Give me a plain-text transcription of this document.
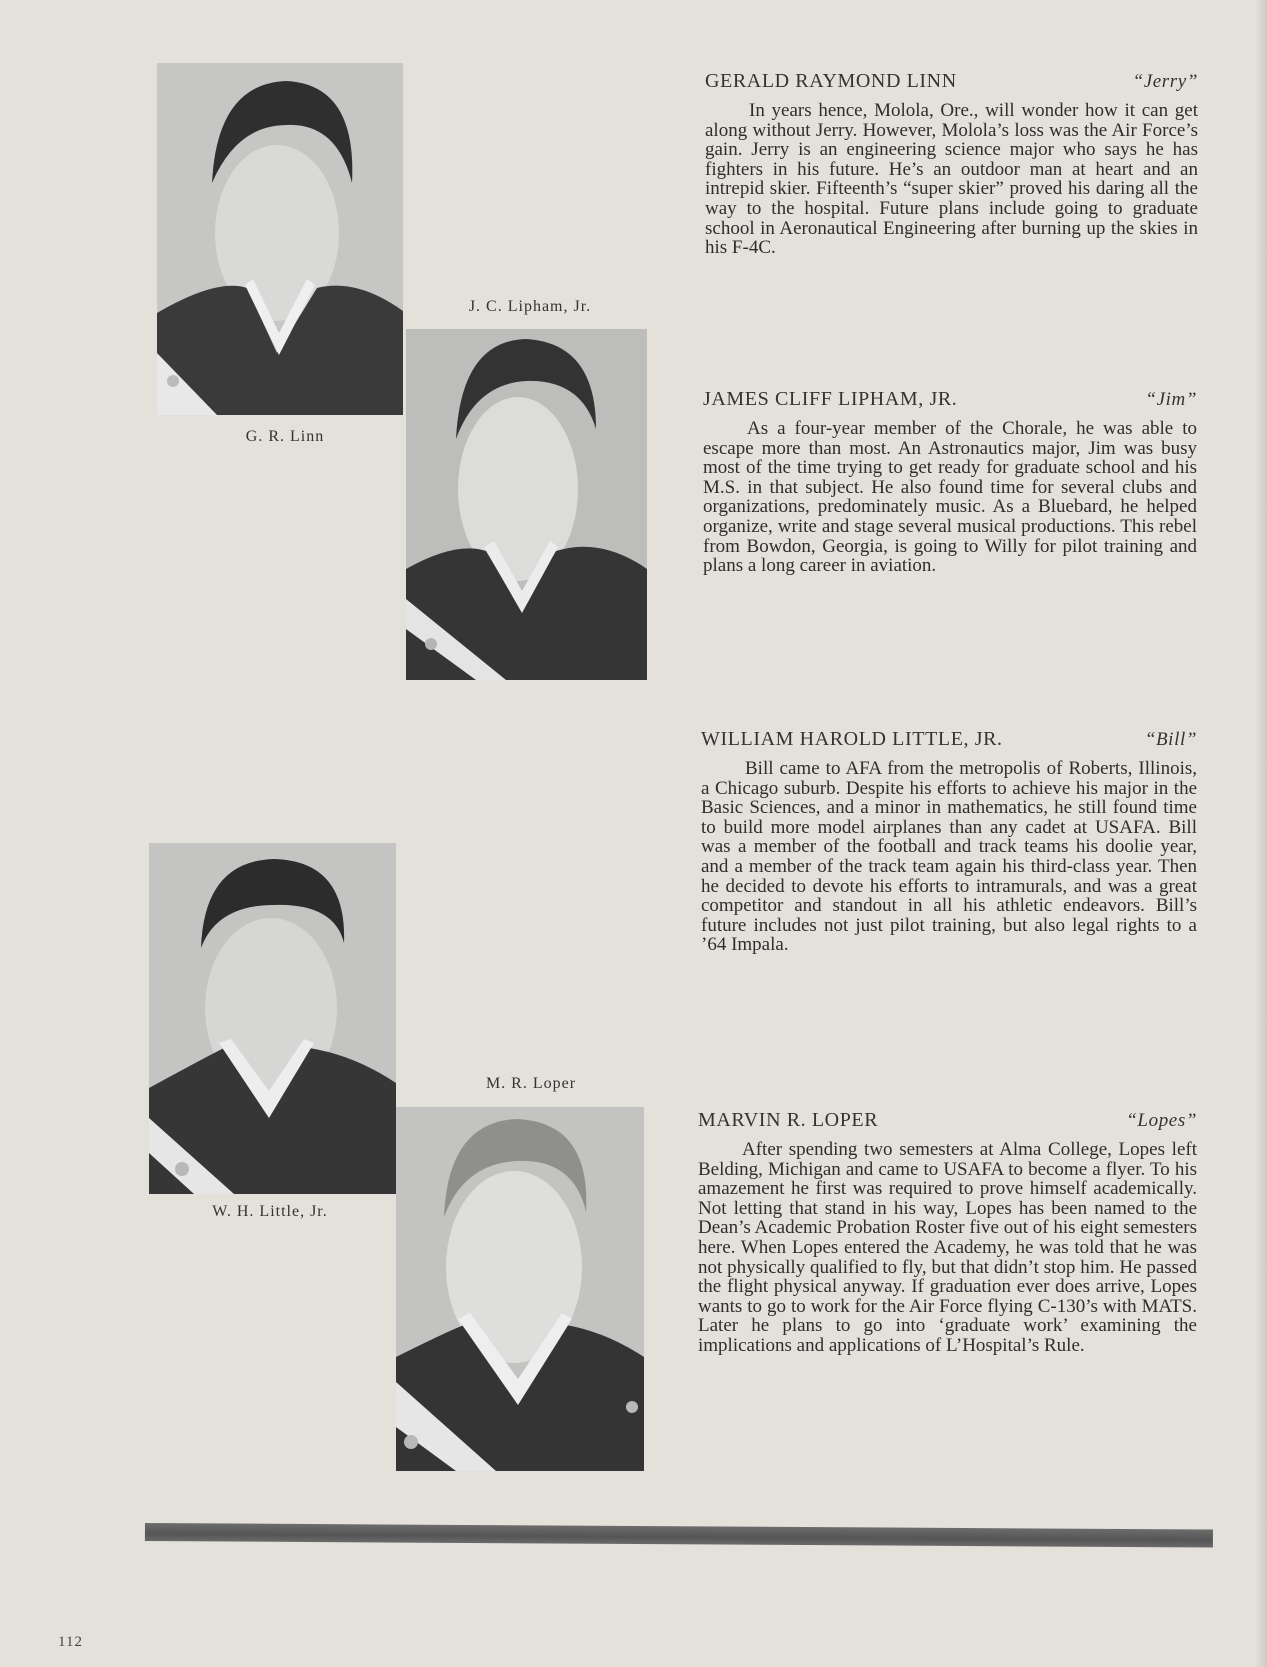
G. R. Linn
J. C. Lipham, Jr.
W. H. Little, Jr.
M. R. Loper
GERALD RAYMOND LINN	“Jerry”

In years hence, Molola, Ore., will wonder how it can get along without Jerry. However, Molola’s loss was the Air Force’s gain. Jerry is an engineering science major who says he has fighters in his future. He’s an outdoor man at heart and an intrepid skier. Fifteenth’s “super skier” proved his daring all the way to the hospital. Future plans include going to graduate school in Aeronautical Engineering after burning up the skies in his F-4C.

JAMES CLIFF LIPHAM, JR.	“Jim”

As a four-year member of the Chorale, he was able to escape more than most. An Astronautics major, Jim was busy most of the time trying to get ready for graduate school and his M.S. in that subject. He also found time for several clubs and organizations, predominately music. As a Bluebard, he helped organize, write and stage several musical productions. This rebel from Bowdon, Georgia, is going to Willy for pilot training and plans a long career in aviation.

WILLIAM HAROLD LITTLE, JR.	“Bill”

Bill came to AFA from the metropolis of Roberts, Illinois, a Chicago suburb. Despite his efforts to achieve his major in the Basic Sciences, and a minor in mathematics, he still found time to build more model airplanes than any cadet at USAFA. Bill was a member of the football and track teams his doolie year, and a member of the track team again his third-class year. Then he decided to devote his efforts to intramurals, and was a great competitor and standout in all his athletic endeavors. Bill’s future includes not just pilot training, but also legal rights to a ’64 Impala.

MARVIN R. LOPER	“Lopes”

After spending two semesters at Alma College, Lopes left Belding, Michigan and came to USAFA to become a flyer. To his amazement he first was required to prove himself academically. Not letting that stand in his way, Lopes has been named to the Dean’s Academic Probation Roster five out of his eight semesters here. When Lopes entered the Academy, he was told that he was not physically qualified to fly, but that didn’t stop him. He passed the flight physical anyway. If graduation ever does arrive, Lopes wants to go to work for the Air Force flying C-130’s with MATS. Later he plans to go into ‘graduate work’ examining the implications and applications of L’Hospital’s Rule.

112
